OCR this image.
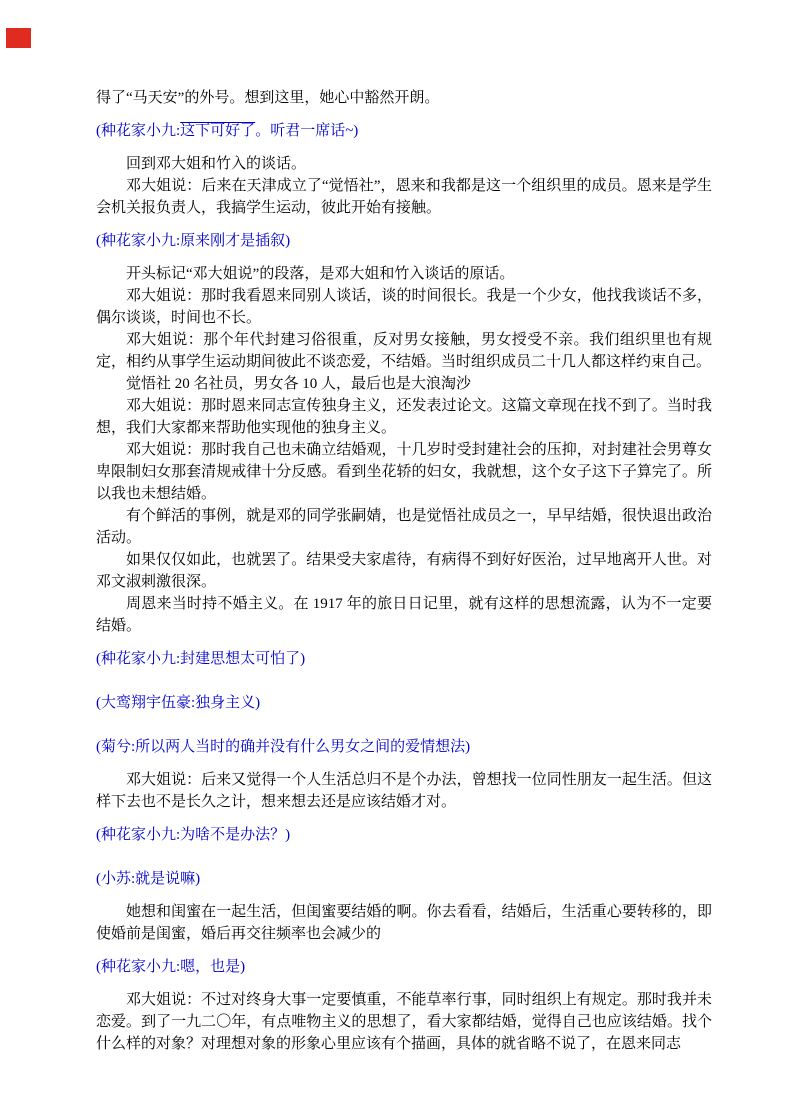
得了“马天安”的外号。想到这里，她心中豁然开朗。

(种花家小九:这下可好了。听君一席话~)

回到邓大姐和竹入的谈话。

邓大姐说：后来在天津成立了“觉悟社”，恩来和我都是这一个组织里的成员。恩来是学生会机关报负责人，我搞学生运动，彼此开始有接触。

(种花家小九:原来刚才是插叙)

开头标记“邓大姐说”的段落，是邓大姐和竹入谈话的原话。

邓大姐说：那时我看恩来同别人谈话，谈的时间很长。我是一个少女，他找我谈话不多，偶尔谈谈，时间也不长。

邓大姐说：那个年代封建习俗很重，反对男女接触，男女授受不亲。我们组织里也有规定，相约从事学生运动期间彼此不谈恋爱，不结婚。当时组织成员二十几人都这样约束自己。

觉悟社 20 名社员，男女各 10 人，最后也是大浪淘沙

邓大姐说：那时恩来同志宣传独身主义，还发表过论文。这篇文章现在找不到了。当时我想，我们大家都来帮助他实现他的独身主义。

邓大姐说：那时我自己也未确立结婚观，十几岁时受封建社会的压抑，对封建社会男尊女卑限制妇女那套清规戒律十分反感。看到坐花轿的妇女，我就想，这个女子这下子算完了。所以我也未想结婚。

有个鲜活的事例，就是邓的同学张嗣婧，也是觉悟社成员之一，早早结婚，很快退出政治活动。

如果仅仅如此，也就罢了。结果受夫家虐待，有病得不到好好医治，过早地离开人世。对邓文淑刺激很深。

周恩来当时持不婚主义。在 1917 年的旅日日记里，就有这样的思想流露，认为不一定要结婚。

(种花家小九:封建思想太可怕了)

(大鸾翔宇伍豪:独身主义)

(菊兮:所以两人当时的确并没有什么男女之间的爱情想法)

邓大姐说：后来又觉得一个人生活总归不是个办法，曾想找一位同性朋友一起生活。但这样下去也不是长久之计，想来想去还是应该结婚才对。

(种花家小九:为啥不是办法？)

(小苏:就是说嘛)

她想和闺蜜在一起生活，但闺蜜要结婚的啊。你去看看，结婚后，生活重心要转移的，即使婚前是闺蜜，婚后再交往频率也会减少的

(种花家小九:嗯，也是)

邓大姐说：不过对终身大事一定要慎重，不能草率行事，同时组织上有规定。那时我并未恋爱。到了一九二〇年，有点唯物主义的思想了，看大家都结婚，觉得自己也应该结婚。找个什么样的对象？对理想对象的形象心里应该有个描画，具体的就省略不说了，在恩来同志
